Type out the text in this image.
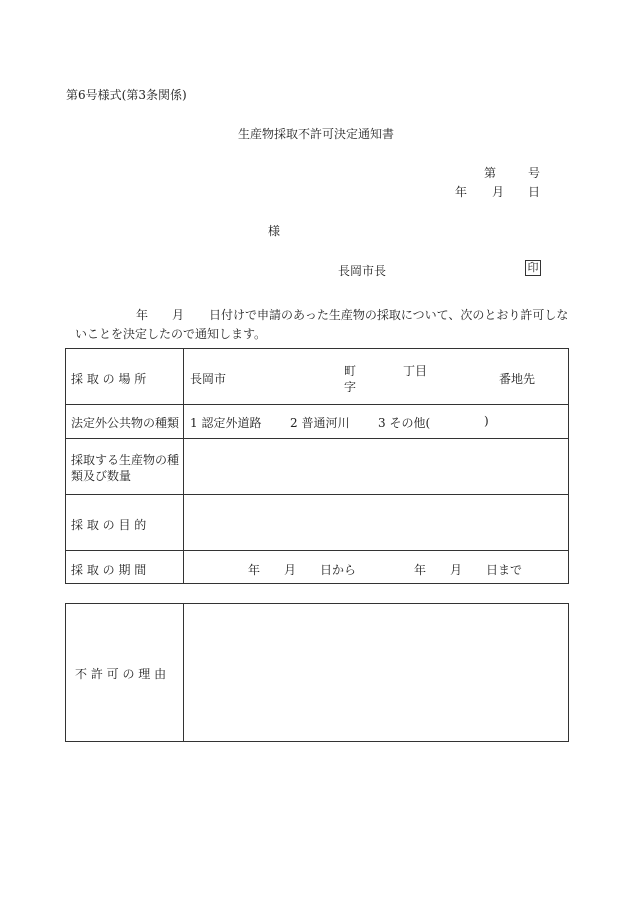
第6号様式(第3条関係)
生産物採取不許可決定通知書
第	号
年 月 日
様
長岡市長	印
年 月 日付けで申請のあった生産物の採取について、次のとおり許可しな
いことを決定したので通知します。
採 取 の 場 所	長岡市
町
字
丁目
番地先
法定外公共物の種類 1 認定外道路 2 普通河川 3 その他(	)
採取する生産物の種類及び数量
採 取 の 目 的
採 取 の 期 間	年 月 日から	年 月 日まで
不 許 可 の 理 由
